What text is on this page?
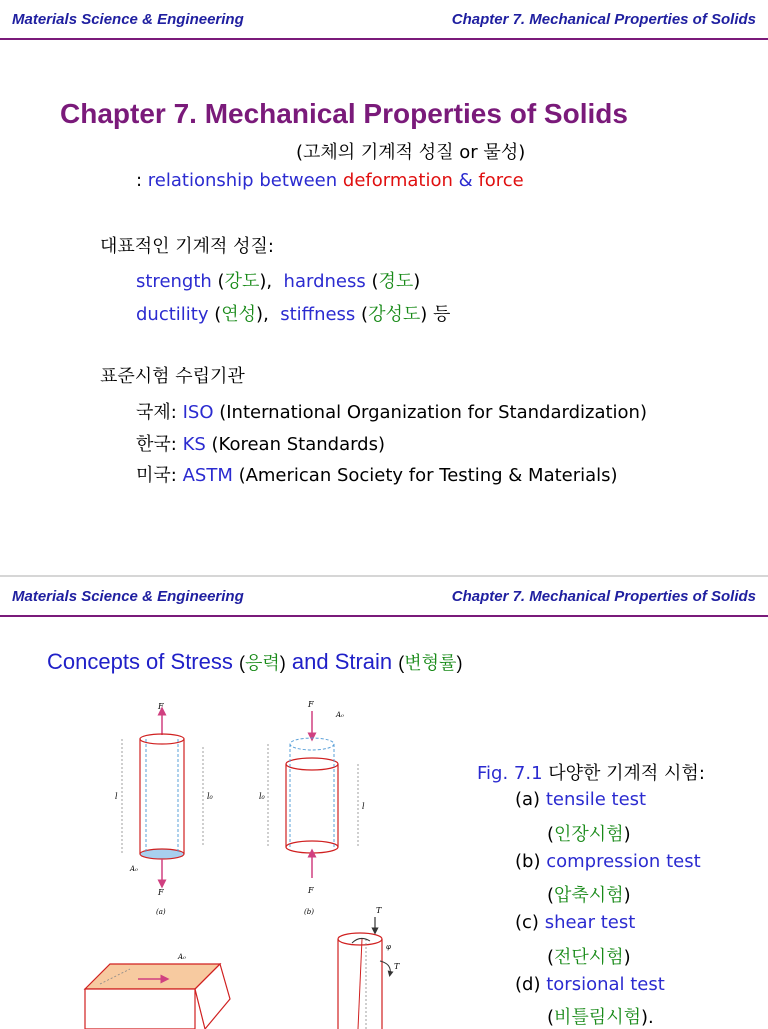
Materials Science & Engineering	Chapter 7. Mechanical Properties of Solids
Chapter 7. Mechanical Properties of Solids
(고체의 기계적 성질 or 물성)
: relationship between deformation & force
대표적인 기계적 성질:
strength (강도),  hardness (경도)
ductility (연성),  stiffness (강성도) 등
표준시험 수립기관
국제: ISO (International Organization for Standardization)
한국: KS (Korean Standards)
미국: ASTM (American Society for Testing & Materials)
Materials Science & Engineering	Chapter 7. Mechanical Properties of Solids
Concepts of Stress (응력) and Strain (변형률)
F
F
l	l₀
A₀
(a)
F
A₀
F
l₀
l
(b)
A₀
T
φ
T
Fig. 7.1 다양한 기계적 시험:
(a) tensile test
(인장시험)
(b) compression test
(압축시험)
(c) shear test
(전단시험)
(d) torsional test
(비틀림시험).
